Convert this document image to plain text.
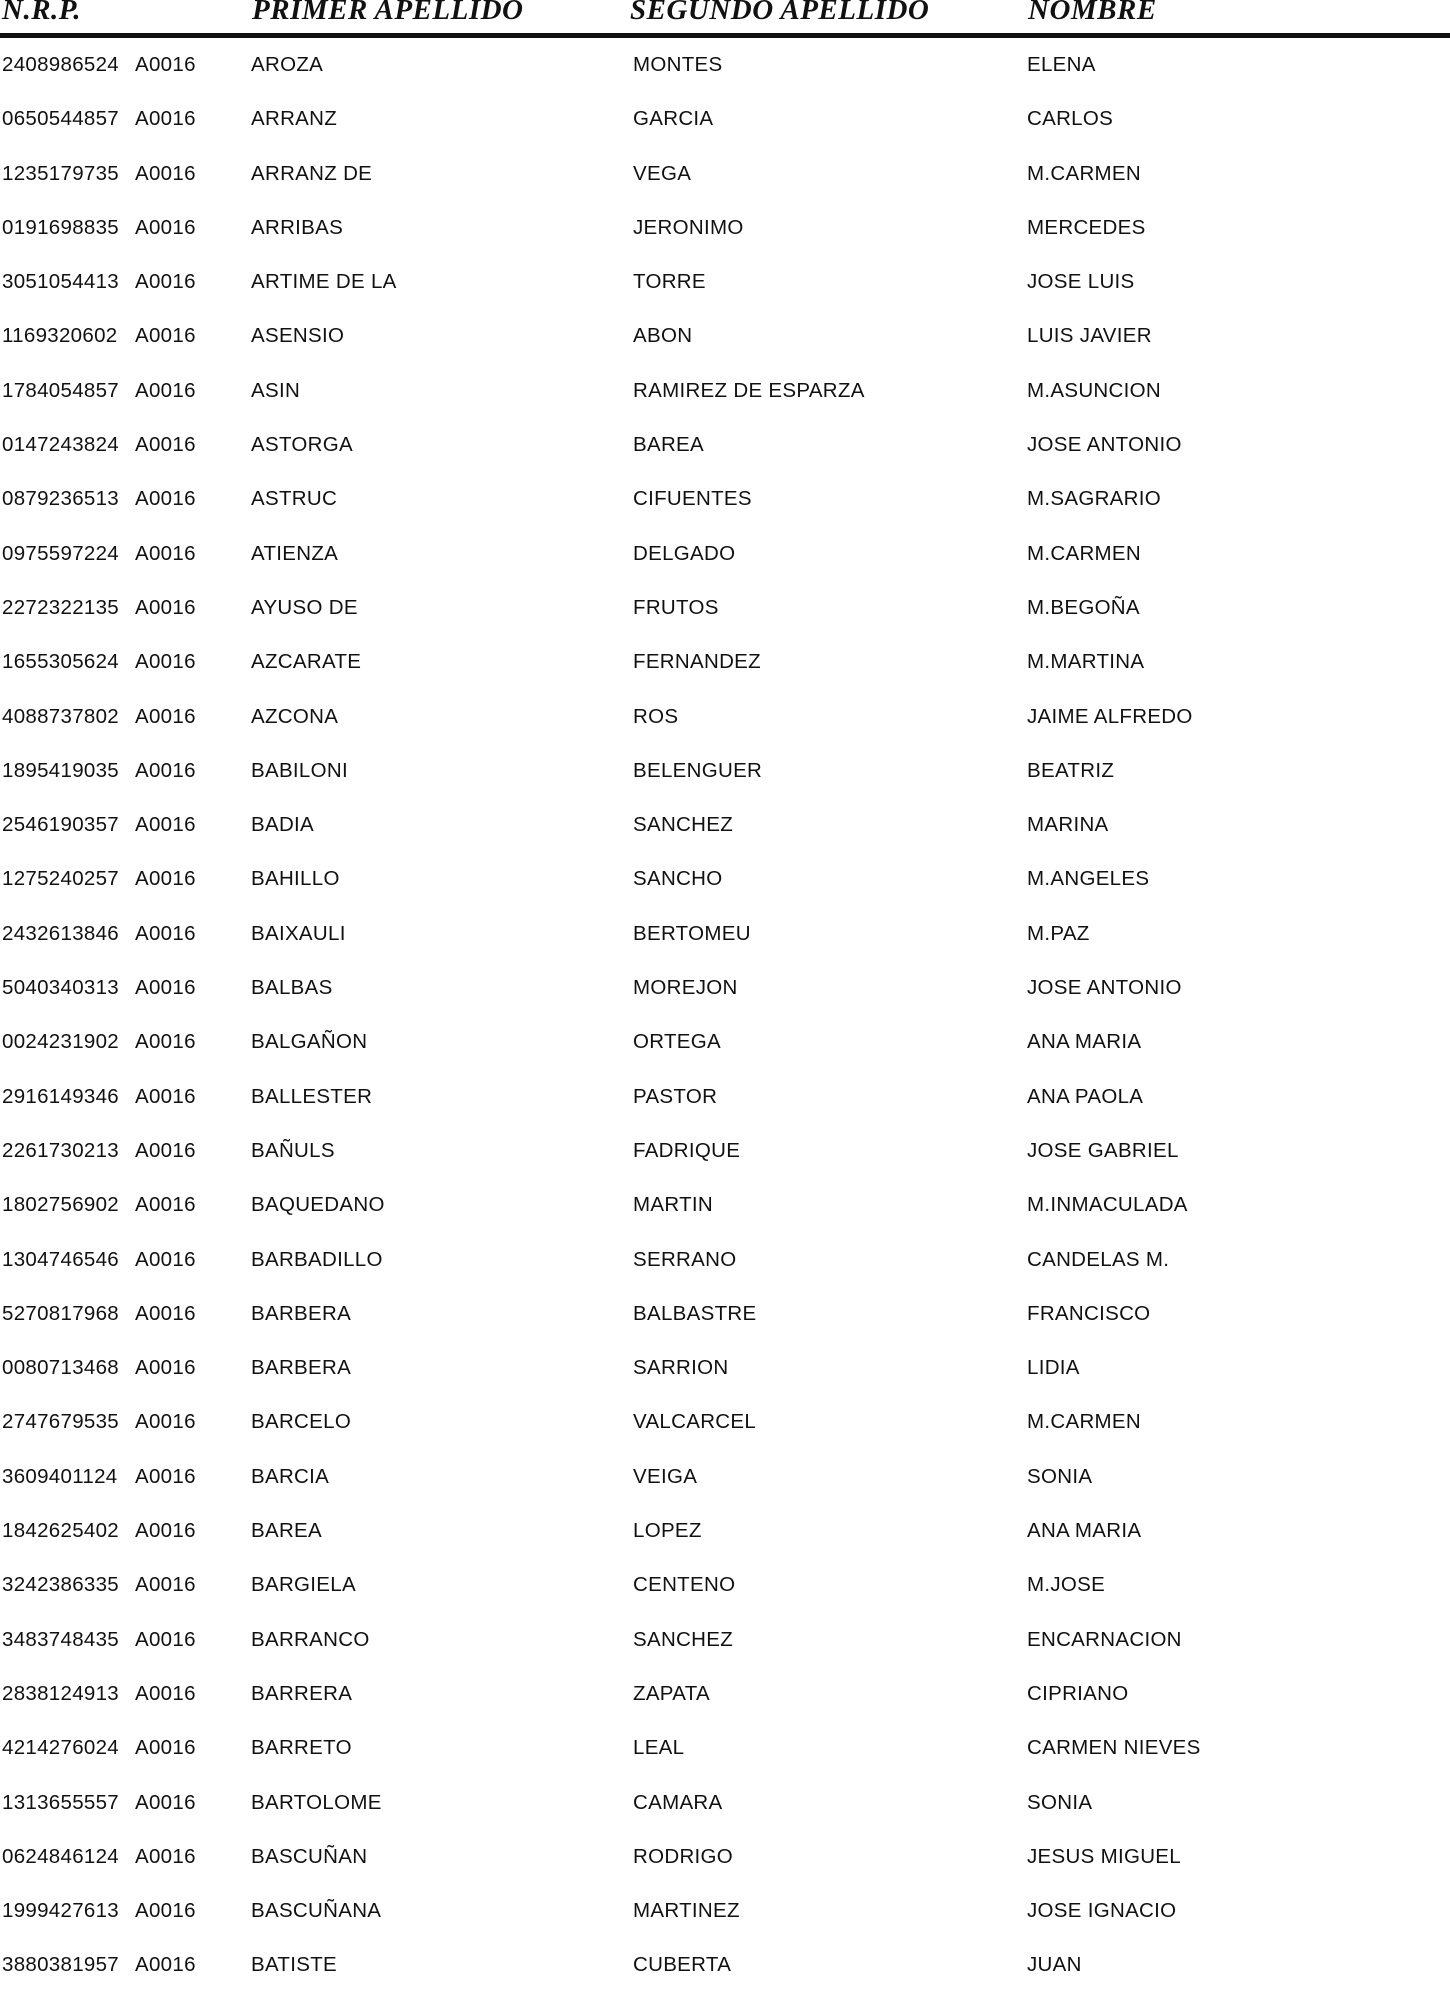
N.R.P.	PRIMER APELLIDO	SEGUNDO APELLIDO	NOMBRE
2408986524 A0016	AROZA	MONTES	ELENA
0650544857 A0016	ARRANZ	GARCIA	CARLOS
1235179735 A0016	ARRANZ DE	VEGA	M.CARMEN
0191698835 A0016	ARRIBAS	JERONIMO	MERCEDES
3051054413 A0016	ARTIME DE LA	TORRE	JOSE LUIS
1169320602 A0016	ASENSIO	ABON	LUIS JAVIER
1784054857 A0016	ASIN	RAMIREZ DE ESPARZA	M.ASUNCION
0147243824 A0016	ASTORGA	BAREA	JOSE ANTONIO
0879236513 A0016	ASTRUC	CIFUENTES	M.SAGRARIO
0975597224 A0016	ATIENZA	DELGADO	M.CARMEN
2272322135 A0016	AYUSO DE	FRUTOS	M.BEGOÑA
1655305624 A0016	AZCARATE	FERNANDEZ	M.MARTINA
4088737802 A0016	AZCONA	ROS	JAIME ALFREDO
1895419035 A0016	BABILONI	BELENGUER	BEATRIZ
2546190357 A0016	BADIA	SANCHEZ	MARINA
1275240257 A0016	BAHILLO	SANCHO	M.ANGELES
2432613846 A0016	BAIXAULI	BERTOMEU	M.PAZ
5040340313 A0016	BALBAS	MOREJON	JOSE ANTONIO
0024231902 A0016	BALGAÑON	ORTEGA	ANA MARIA
2916149346 A0016	BALLESTER	PASTOR	ANA PAOLA
2261730213 A0016	BAÑULS	FADRIQUE	JOSE GABRIEL
1802756902 A0016	BAQUEDANO	MARTIN	M.INMACULADA
1304746546 A0016	BARBADILLO	SERRANO	CANDELAS M.
5270817968 A0016	BARBERA	BALBASTRE	FRANCISCO
0080713468 A0016	BARBERA	SARRION	LIDIA
2747679535 A0016	BARCELO	VALCARCEL	M.CARMEN
3609401124 A0016	BARCIA	VEIGA	SONIA
1842625402 A0016	BAREA	LOPEZ	ANA MARIA
3242386335 A0016	BARGIELA	CENTENO	M.JOSE
3483748435 A0016	BARRANCO	SANCHEZ	ENCARNACION
2838124913 A0016	BARRERA	ZAPATA	CIPRIANO
4214276024 A0016	BARRETO	LEAL	CARMEN NIEVES
1313655557 A0016	BARTOLOME	CAMARA	SONIA
0624846124 A0016	BASCUÑAN	RODRIGO	JESUS MIGUEL
1999427613 A0016	BASCUÑANA	MARTINEZ	JOSE IGNACIO
3880381957 A0016	BATISTE	CUBERTA	JUAN
